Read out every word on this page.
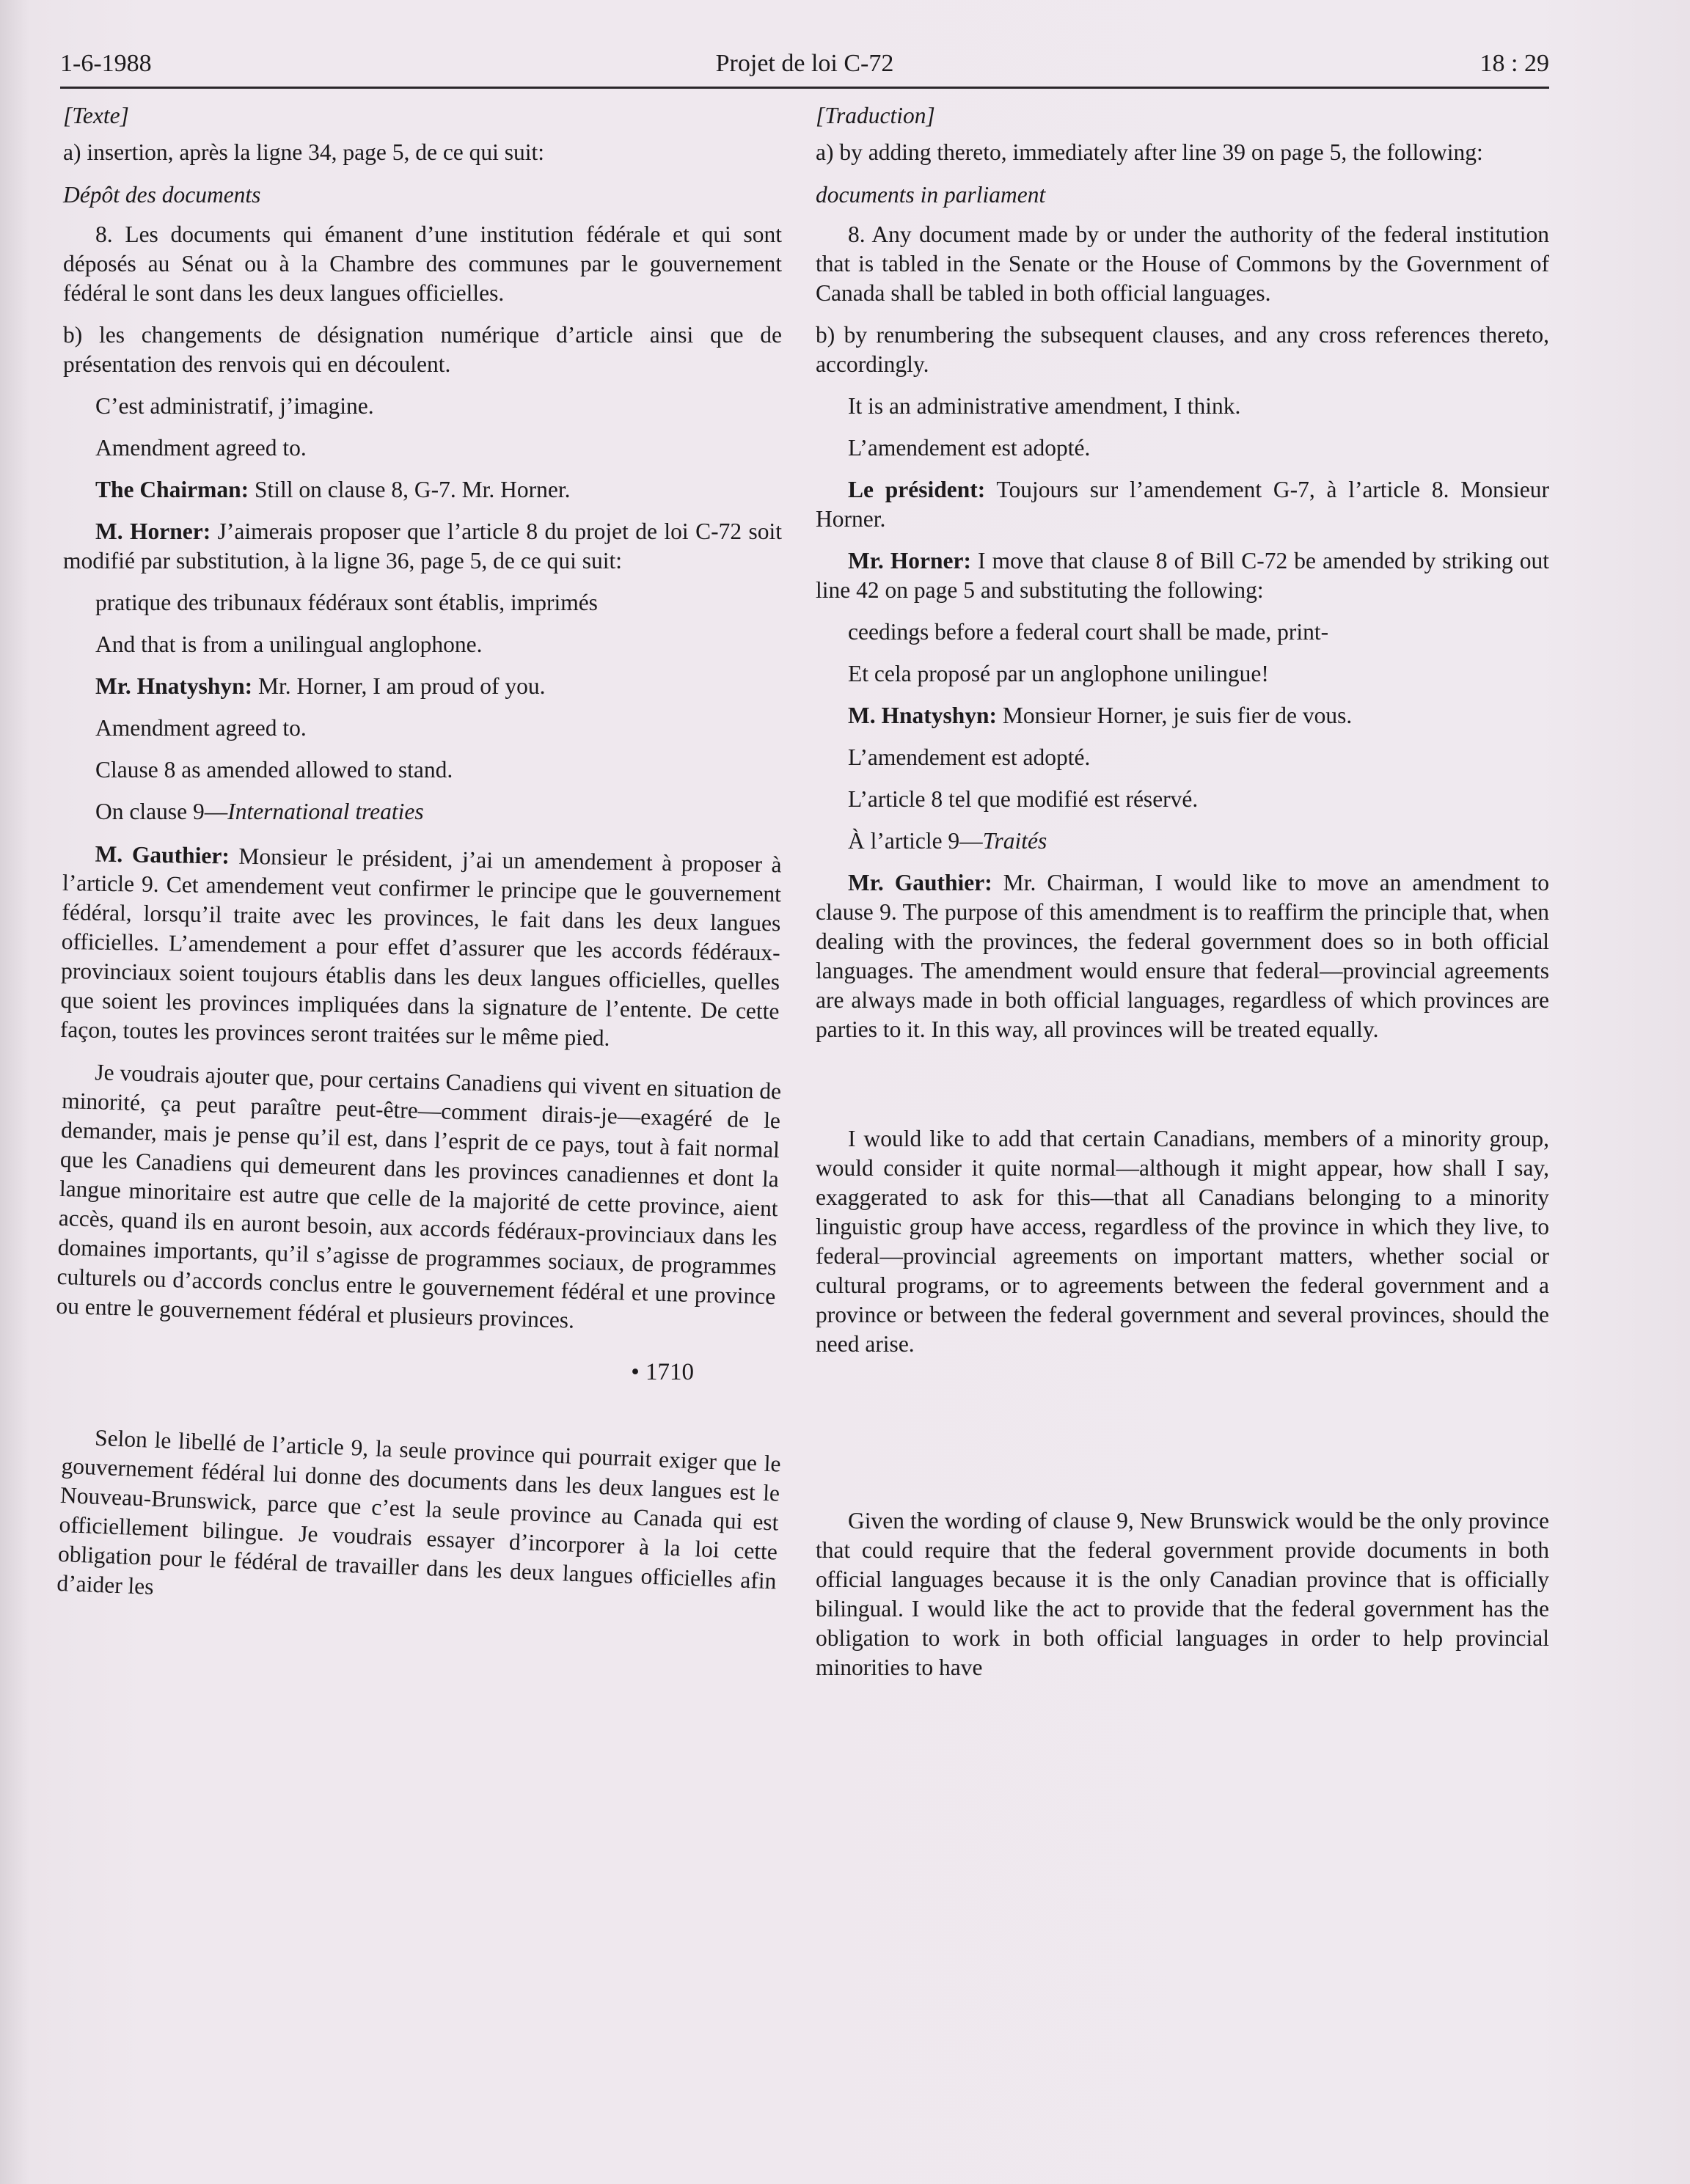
1-6-1988	Projet de loi C-72	18 : 29

[Texte]

a) insertion, après la ligne 34, page 5, de ce qui suit:

Dépôt des documents

8. Les documents qui émanent d’une institution fédérale et qui sont déposés au Sénat ou à la Chambre des communes par le gouvernement fédéral le sont dans les deux langues officielles.

b) les changements de désignation numérique d’article ainsi que de présentation des renvois qui en découlent.

C’est administratif, j’imagine.

Amendment agreed to.

The Chairman: Still on clause 8, G-7. Mr. Horner.

M. Horner: J’aimerais proposer que l’article 8 du projet de loi C-72 soit modifié par substitution, à la ligne 36, page 5, de ce qui suit:

pratique des tribunaux fédéraux sont établis, imprimés

And that is from a unilingual anglophone.

Mr. Hnatyshyn: Mr. Horner, I am proud of you.

Amendment agreed to.

Clause 8 as amended allowed to stand.

On clause 9—International treaties

M. Gauthier: Monsieur le président, j’ai un amendement à proposer à l’article 9. Cet amendement veut confirmer le principe que le gouvernement fédéral, lorsqu’il traite avec les provinces, le fait dans les deux langues officielles. L’amendement a pour effet d’assurer que les accords fédéraux-provinciaux soient toujours établis dans les deux langues officielles, quelles que soient les provinces impliquées dans la signature de l’entente. De cette façon, toutes les provinces seront traitées sur le même pied.

Je voudrais ajouter que, pour certains Canadiens qui vivent en situation de minorité, ça peut paraître peut-être—comment dirais-je—exagéré de le demander, mais je pense qu’il est, dans l’esprit de ce pays, tout à fait normal que les Canadiens qui demeurent dans les provinces canadiennes et dont la langue minoritaire est autre que celle de la majorité de cette province, aient accès, quand ils en auront besoin, aux accords fédéraux-provinciaux dans les domaines importants, qu’il s’agisse de programmes sociaux, de programmes culturels ou d’accords conclus entre le gouvernement fédéral et une province ou entre le gouvernement fédéral et plusieurs provinces.

• 1710

Selon le libellé de l’article 9, la seule province qui pourrait exiger que le gouvernement fédéral lui donne des documents dans les deux langues est le Nouveau-Brunswick, parce que c’est la seule province au Canada qui est officiellement bilingue. Je voudrais essayer d’incorporer à la loi cette obligation pour le fédéral de travailler dans les deux langues officielles afin d’aider les

[Traduction]

a) by adding thereto, immediately after line 39 on page 5, the following:

documents in parliament

8. Any document made by or under the authority of the federal institution that is tabled in the Senate or the House of Commons by the Government of Canada shall be tabled in both official languages.

b) by renumbering the subsequent clauses, and any cross references thereto, accordingly.

It is an administrative amendment, I think.

L’amendement est adopté.

Le président: Toujours sur l’amendement G-7, à l’article 8. Monsieur Horner.

Mr. Horner: I move that clause 8 of Bill C-72 be amended by striking out line 42 on page 5 and substituting the following:

ceedings before a federal court shall be made, print-

Et cela proposé par un anglophone unilingue!

M. Hnatyshyn: Monsieur Horner, je suis fier de vous.

L’amendement est adopté.

L’article 8 tel que modifié est réservé.

À l’article 9—Traités

Mr. Gauthier: Mr. Chairman, I would like to move an amendment to clause 9. The purpose of this amendment is to reaffirm the principle that, when dealing with the provinces, the federal government does so in both official languages. The amendment would ensure that federal—provincial agreements are always made in both official languages, regardless of which provinces are parties to it. In this way, all provinces will be treated equally.

I would like to add that certain Canadians, members of a minority group, would consider it quite normal—although it might appear, how shall I say, exaggerated to ask for this—that all Canadians belonging to a minority linguistic group have access, regardless of the province in which they live, to federal—provincial agreements on important matters, whether social or cultural programs, or to agreements between the federal government and a province or between the federal government and several provinces, should the need arise.

Given the wording of clause 9, New Brunswick would be the only province that could require that the federal government provide documents in both official languages because it is the only Canadian province that is officially bilingual. I would like the act to provide that the federal government has the obligation to work in both official languages in order to help provincial minorities to have
